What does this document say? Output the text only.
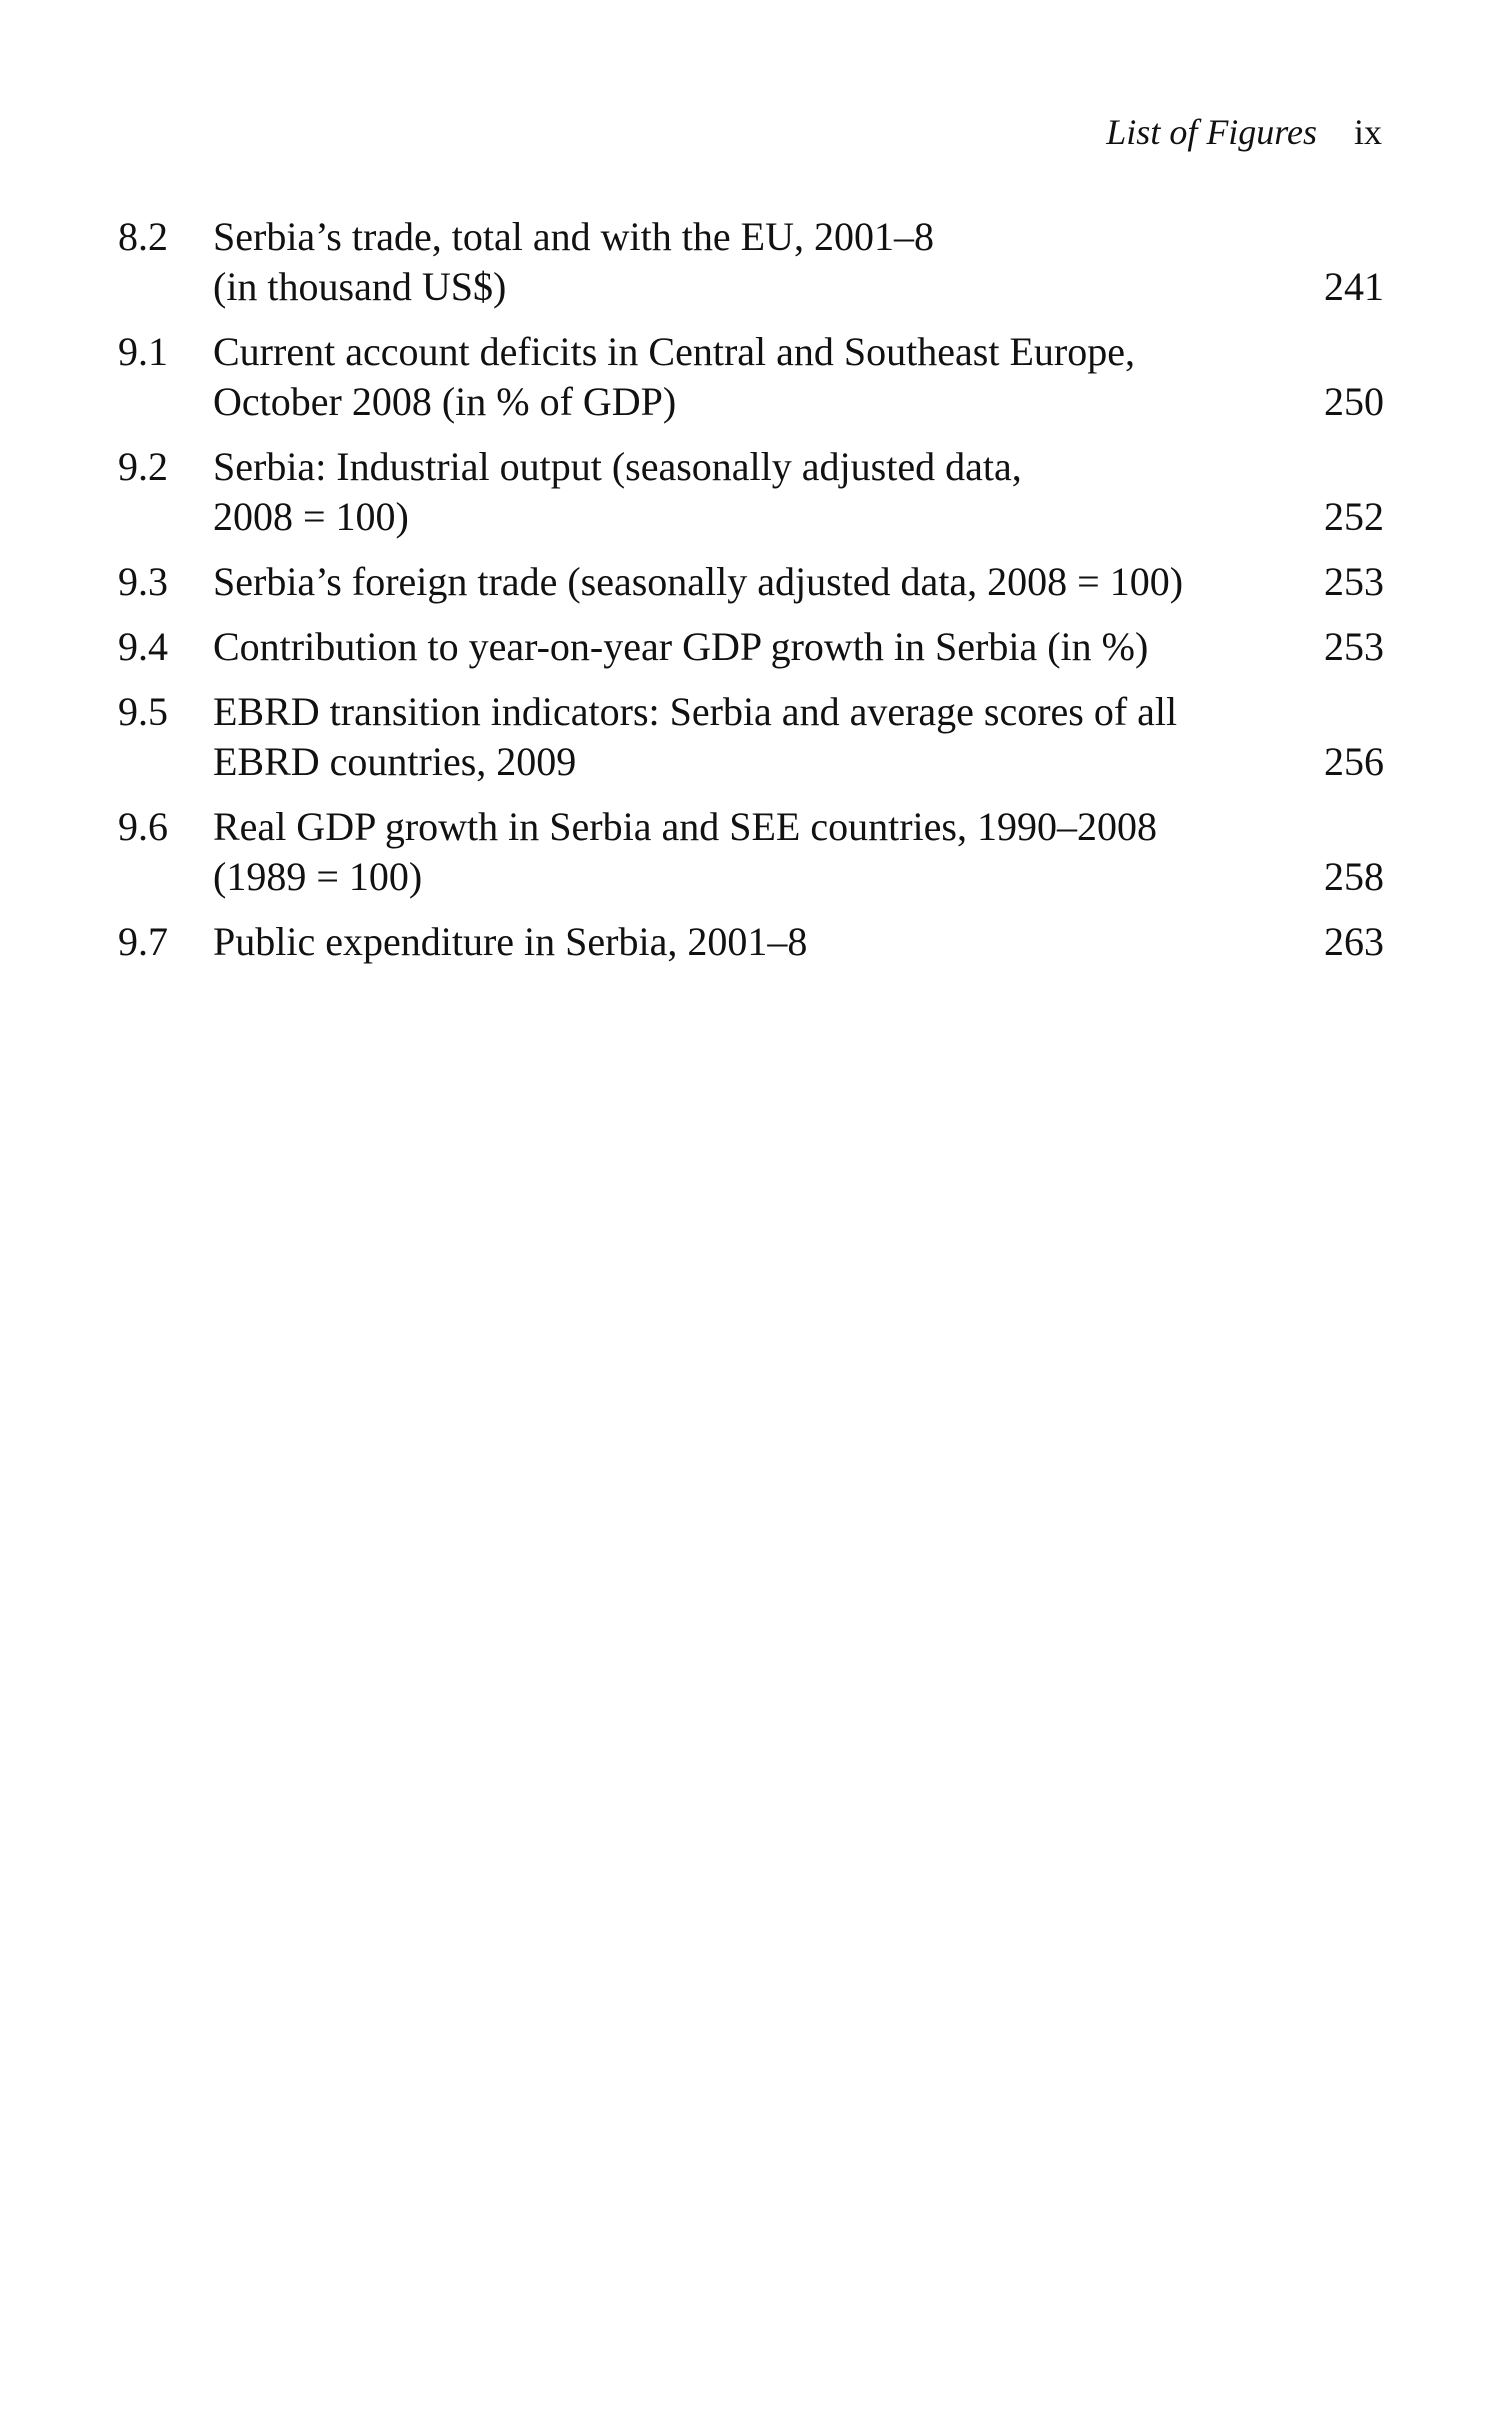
List of Figures ix
8.2	Serbia’s trade, total and with the EU, 2001–8
(in thousand US$)	241
9.1	Current account deficits in Central and Southeast Europe,
October 2008 (in % of GDP)	250
9.2	Serbia: Industrial output (seasonally adjusted data,
2008 = 100)	252
9.3	Serbia’s foreign trade (seasonally adjusted data, 2008 = 100)	253
9.4	Contribution to year-on-year GDP growth in Serbia (in %)	253
9.5	EBRD transition indicators: Serbia and average scores of all
EBRD countries, 2009	256
9.6	Real GDP growth in Serbia and SEE countries, 1990–2008
(1989 = 100)	258
9.7	Public expenditure in Serbia, 2001–8	263
